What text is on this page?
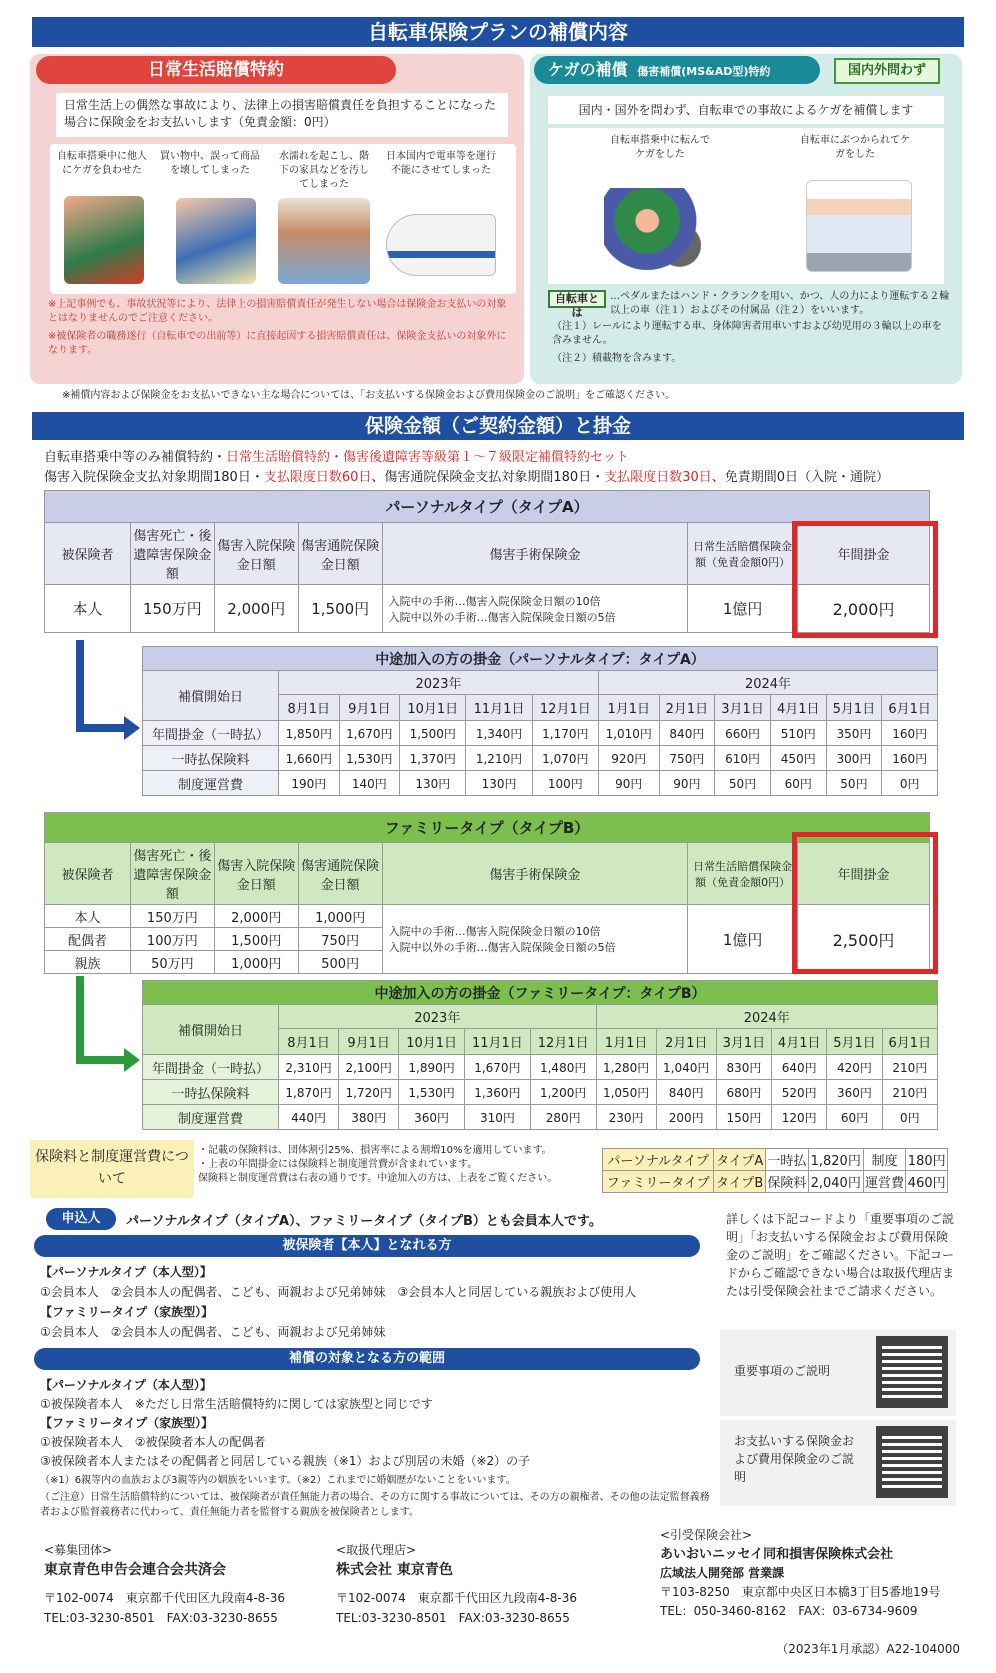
自転車保険プランの補償内容
日常生活賠償特約
日常生活上の偶然な事故により、法律上の損害賠償責任を負担することになった場合に保険金をお支払いします（免責金額：0円）
自転車搭乗中に他人にケガを負わせた
買い物中、誤って商品を壊してしまった
水濡れを起こし、階下の家具などを汚してしまった
日本国内で電車等を運行不能にさせてしまった
※上記事例でも、事故状況等により、法律上の損害賠償責任が発生しない場合は保険金お支払いの対象とはなりませんのでご注意ください。
※被保険者の職務遂行（自転車での出前等）に直接起因する損害賠償責任は、保険金支払いの対象外になります。
ケガの補償 傷害補償(MS&AD型)特約	国内外問わず
国内・国外を問わず、自転車での事故によるケガを補償します
自転車搭乗中に転んでケガをした
自転車にぶつかられてケガをした
自転車とは
…ペダルまたはハンド・クランクを用い、かつ、人の力により運転する２輪以上の車（注１）およびその付属品（注２）をいいます。
（注１）レールにより運転する車、身体障害者用車いすおよび幼児用の３輪以上の車を含みません。
（注２）積載物を含みます。
※補償内容および保険金をお支払いできない主な場合については、「お支払いする保険金および費用保険金のご説明」をご確認ください。
保険金額（ご契約金額）と掛金
自転車搭乗中等のみ補償特約・日常生活賠償特約・傷害後遺障害等級第１～７級限定補償特約セット
傷害入院保険金支払対象期間180日・支払限度日数60日、傷害通院保険金支払対象期間180日・支払限度日数30日、免責期間0日（入院・通院）
パーソナルタイプ（タイプA）						
被保険者	傷害死亡・後遺障害保険金額	傷害入院保険金日額	傷害通院保険金日額	傷害手術保険金	日常生活賠償保険金額（免責金額0円）	年間掛金
本人	150万円	2,000円	1,500円	入院中の手術…傷害入院保険金日額の10倍
入院中以外の手術…傷害入院保険金日額の5倍	1億円	2,000円
中途加入の方の掛金（パーソナルタイプ：タイプA）											
補償開始日	2023年					2024年					
	8月1日	9月1日	10月1日	11月1日	12月1日	1月1日	2月1日	3月1日	4月1日	5月1日	6月1日
年間掛金（一時払）	1,850円	1,670円	1,500円	1,340円	1,170円	1,010円	840円	660円	510円	350円	160円
一時払保険料	1,660円	1,530円	1,370円	1,210円	1,070円	920円	750円	610円	450円	300円	160円
制度運営費	190円	140円	130円	130円	100円	90円	90円	50円	60円	50円	0円
ファミリータイプ（タイプB）						
被保険者	傷害死亡・後遺障害保険金額	傷害入院保険金日額	傷害通院保険金日額	傷害手術保険金	日常生活賠償保険金額（免責金額0円）	年間掛金
本人	150万円	2,000円	1,000円	入院中の手術…傷害入院保険金日額の10倍
入院中以外の手術…傷害入院保険金日額の5倍	1億円	2,500円
配偶者	100万円	1,500円	750円			
親族	50万円	1,000円	500円			
中途加入の方の掛金（ファミリータイプ：タイプB）											
補償開始日	2023年					2024年					
	8月1日	9月1日	10月1日	11月1日	12月1日	1月1日	2月1日	3月1日	4月1日	5月1日	6月1日
年間掛金（一時払）	2,310円	2,100円	1,890円	1,670円	1,480円	1,280円	1,040円	830円	640円	420円	210円
一時払保険料	1,870円	1,720円	1,530円	1,360円	1,200円	1,050円	840円	680円	520円	360円	210円
制度運営費	440円	380円	360円	310円	280円	230円	200円	150円	120円	60円	0円
保険料と制度運営費について
・記載の保険料は、団体割引25%、損害率による割増10%を適用しています。
・上表の年間掛金には保険料と制度運営費が含まれています。
保険料と制度運営費は右表の通りです。中途加入の方は、上表をご覧ください。
パーソナルタイプ	タイプA	一時払	1,820円	制度	180円
ファミリータイプ	タイプB	保険料	2,040円	運営費	460円
申込人	パーソナルタイプ（タイプA）、ファミリータイプ（タイプB）とも会員本人です。
被保険者【本人】となれる方
【パーソナルタイプ（本人型）】
①会員本人　②会員本人の配偶者、こども、両親および兄弟姉妹　③会員本人と同居している親族および使用人
【ファミリータイプ（家族型）】
①会員本人　②会員本人の配偶者、こども、両親および兄弟姉妹
補償の対象となる方の範囲
【パーソナルタイプ（本人型）】
①被保険者本人　※ただし日常生活賠償特約に関しては家族型と同じです
【ファミリータイプ（家族型）】
①被保険者本人　②被保険者本人の配偶者
③被保険者本人またはその配偶者と同居している親族（※1）および別居の未婚（※2）の子
（※1）6親等内の血族および3親等内の姻族をいいます。（※2）これまでに婚姻歴がないことをいいます。
（ご注意）日常生活賠償特約については、被保険者が責任無能力者の場合、その方に関する事故については、その方の親権者、その他の法定監督義務者および監督義務者に代わって、責任無能力者を監督する親族を被保険者とします。
詳しくは下記コードより「重要事項のご説明」「お支払いする保険金および費用保険金のご説明」をご確認ください。下記コードからご確認できない場合は取扱代理店または引受保険会社までご請求ください。
重要事項のご説明
お支払いする保険金および費用保険金のご説明
<募集団体>
東京青色申告会連合会共済会
〒102-0074　東京都千代田区九段南4-8-36
TEL:03-3230-8501　FAX:03-3230-8655
<取扱代理店>
株式会社 東京青色
〒102-0074　東京都千代田区九段南4-8-36
TEL:03-3230-8501　FAX:03-3230-8655
<引受保険会社>
あいおいニッセイ同和損害保険株式会社
広域法人開発部 営業課
〒103-8250　東京都中央区日本橋3丁目5番地19号
TEL：050-3460-8162　FAX：03-6734-9609
（2023年1月承認）A22-104000
